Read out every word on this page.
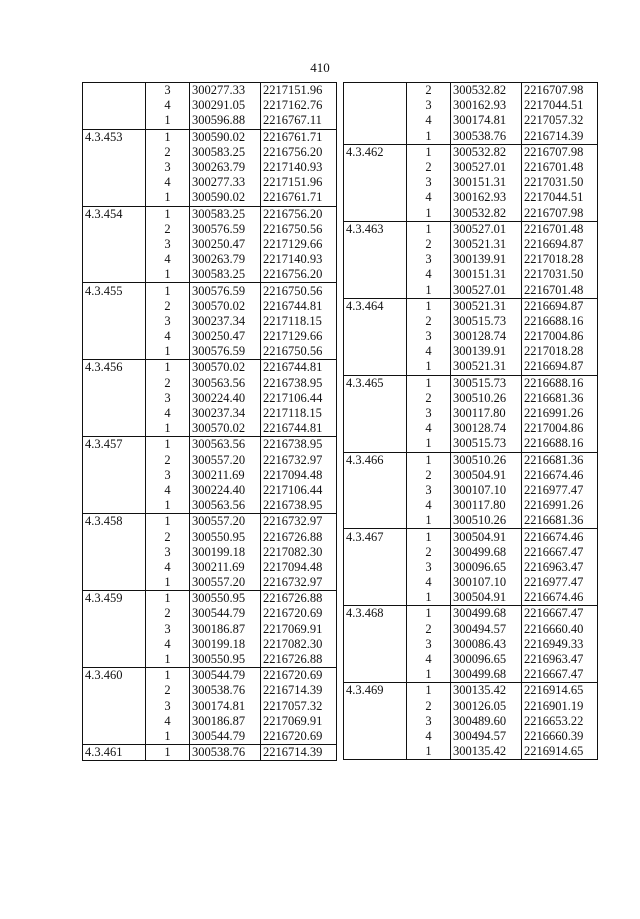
410
	3	300277.33	2217151.96
	4	300291.05	2217162.76
	1	300596.88	2216767.11
4.3.453	1	300590.02	2216761.71
	2	300583.25	2216756.20
	3	300263.79	2217140.93
	4	300277.33	2217151.96
	1	300590.02	2216761.71
4.3.454	1	300583.25	2216756.20
	2	300576.59	2216750.56
	3	300250.47	2217129.66
	4	300263.79	2217140.93
	1	300583.25	2216756.20
4.3.455	1	300576.59	2216750.56
	2	300570.02	2216744.81
	3	300237.34	2217118.15
	4	300250.47	2217129.66
	1	300576.59	2216750.56
4.3.456	1	300570.02	2216744.81
	2	300563.56	2216738.95
	3	300224.40	2217106.44
	4	300237.34	2217118.15
	1	300570.02	2216744.81
4.3.457	1	300563.56	2216738.95
	2	300557.20	2216732.97
	3	300211.69	2217094.48
	4	300224.40	2217106.44
	1	300563.56	2216738.95
4.3.458	1	300557.20	2216732.97
	2	300550.95	2216726.88
	3	300199.18	2217082.30
	4	300211.69	2217094.48
	1	300557.20	2216732.97
4.3.459	1	300550.95	2216726.88
	2	300544.79	2216720.69
	3	300186.87	2217069.91
	4	300199.18	2217082.30
	1	300550.95	2216726.88
4.3.460	1	300544.79	2216720.69
	2	300538.76	2216714.39
	3	300174.81	2217057.32
	4	300186.87	2217069.91
	1	300544.79	2216720.69
4.3.461	1	300538.76	2216714.39
	2	300532.82	2216707.98
	3	300162.93	2217044.51
	4	300174.81	2217057.32
	1	300538.76	2216714.39
4.3.462	1	300532.82	2216707.98
	2	300527.01	2216701.48
	3	300151.31	2217031.50
	4	300162.93	2217044.51
	1	300532.82	2216707.98
4.3.463	1	300527.01	2216701.48
	2	300521.31	2216694.87
	3	300139.91	2217018.28
	4	300151.31	2217031.50
	1	300527.01	2216701.48
4.3.464	1	300521.31	2216694.87
	2	300515.73	2216688.16
	3	300128.74	2217004.86
	4	300139.91	2217018.28
	1	300521.31	2216694.87
4.3.465	1	300515.73	2216688.16
	2	300510.26	2216681.36
	3	300117.80	2216991.26
	4	300128.74	2217004.86
	1	300515.73	2216688.16
4.3.466	1	300510.26	2216681.36
	2	300504.91	2216674.46
	3	300107.10	2216977.47
	4	300117.80	2216991.26
	1	300510.26	2216681.36
4.3.467	1	300504.91	2216674.46
	2	300499.68	2216667.47
	3	300096.65	2216963.47
	4	300107.10	2216977.47
	1	300504.91	2216674.46
4.3.468	1	300499.68	2216667.47
	2	300494.57	2216660.40
	3	300086.43	2216949.33
	4	300096.65	2216963.47
	1	300499.68	2216667.47
4.3.469	1	300135.42	2216914.65
	2	300126.05	2216901.19
	3	300489.60	2216653.22
	4	300494.57	2216660.39
	1	300135.42	2216914.65
